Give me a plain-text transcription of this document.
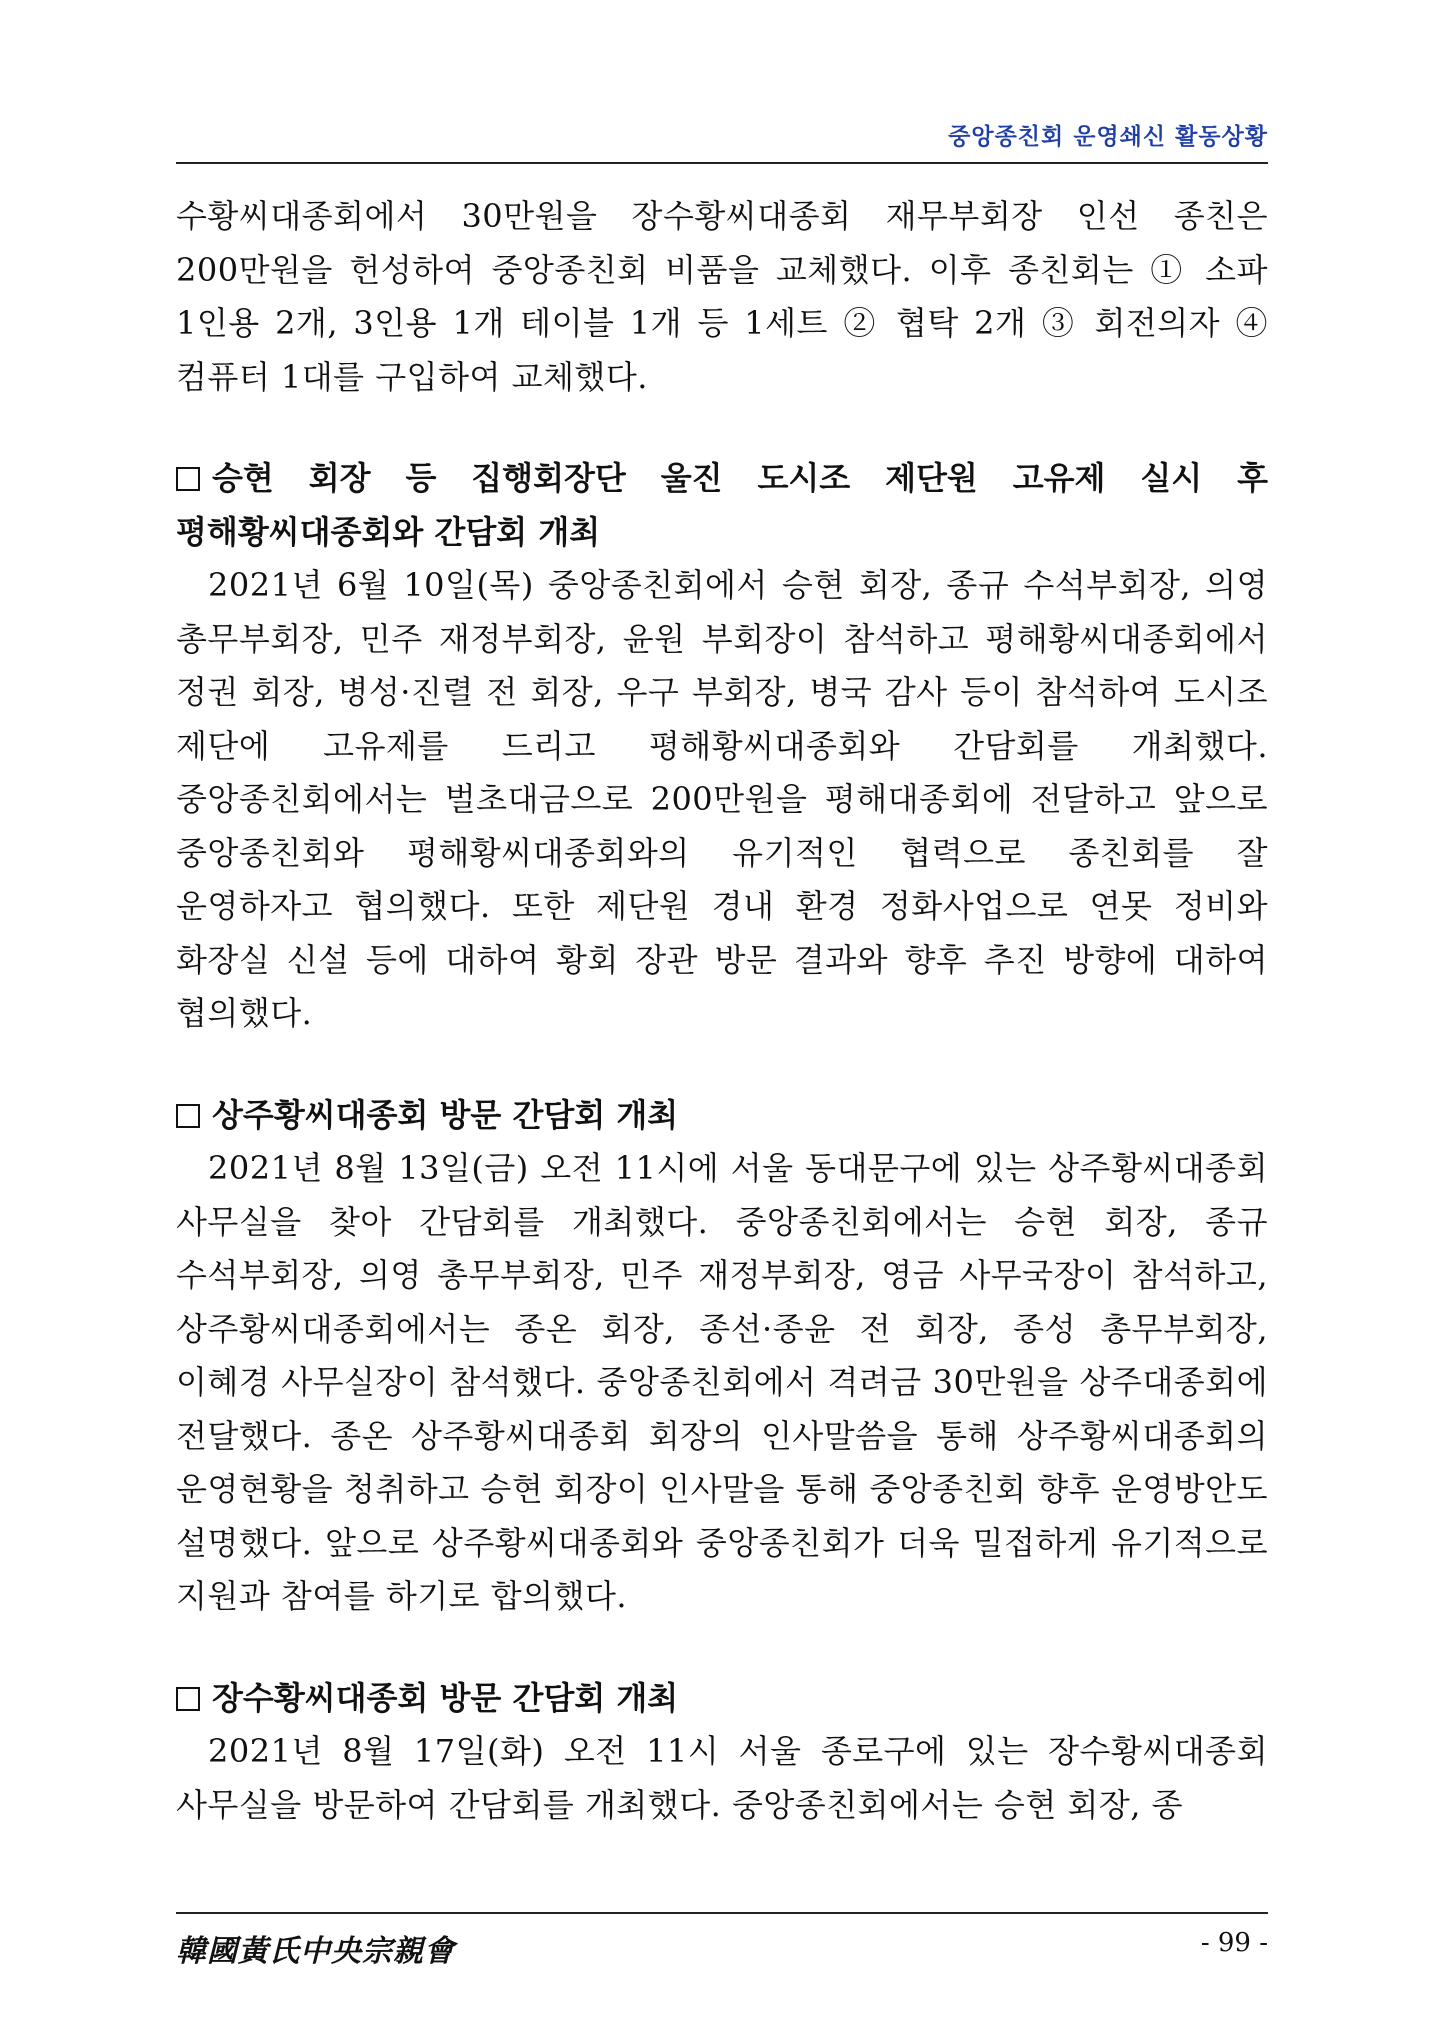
중앙종친회 운영쇄신 활동상황

수황씨대종회에서 30만원을 장수황씨대종회 재무부회장 인선 종친은 200만원을 헌성하여 중앙종친회 비품을 교체했다. 이후 종친회는 ① 소파 1인용 2개, 3인용 1개 테이블 1개 등 1세트 ② 협탁 2개 ③ 회전의자 ④ 컴퓨터 1대를 구입하여 교체했다.

승현 회장 등 집행회장단 울진 도시조 제단원 고유제 실시 후 평해황씨대종회와 간담회 개최

2021년 6월 10일(목) 중앙종친회에서 승현 회장, 종규 수석부회장, 의영 총무부회장, 민주 재정부회장, 윤원 부회장이 참석하고 평해황씨대종회에서 정권 회장, 병성·진렬 전 회장, 우구 부회장, 병국 감사 등이 참석하여 도시조 제단에 고유제를 드리고 평해황씨대종회와 간담회를 개최했다. 중앙종친회에서는 벌초대금으로 200만원을 평해대종회에 전달하고 앞으로 중앙종친회와 평해황씨대종회와의 유기적인 협력으로 종친회를 잘 운영하자고 협의했다. 또한 제단원 경내 환경 정화사업으로 연못 정비와 화장실 신설 등에 대하여 황회 장관 방문 결과와 향후 추진 방향에 대하여 협의했다.

상주황씨대종회 방문 간담회 개최

2021년 8월 13일(금) 오전 11시에 서울 동대문구에 있는 상주황씨대종회 사무실을 찾아 간담회를 개최했다. 중앙종친회에서는 승현 회장, 종규 수석부회장, 의영 총무부회장, 민주 재정부회장, 영금 사무국장이 참석하고, 상주황씨대종회에서는 종온 회장, 종선·종윤 전 회장, 종성 총무부회장, 이혜경 사무실장이 참석했다. 중앙종친회에서 격려금 30만원을 상주대종회에 전달했다. 종온 상주황씨대종회 회장의 인사말씀을 통해 상주황씨대종회의 운영현황을 청취하고 승현 회장이 인사말을 통해 중앙종친회 향후 운영방안도 설명했다. 앞으로 상주황씨대종회와 중앙종친회가 더욱 밀접하게 유기적으로 지원과 참여를 하기로 합의했다.

장수황씨대종회 방문 간담회 개최

2021년 8월 17일(화) 오전 11시 서울 종로구에 있는 장수황씨대종회 사무실을 방문하여 간담회를 개최했다. 중앙종친회에서는 승현 회장, 종

韓國黃氏中央宗親會	- 99 -
